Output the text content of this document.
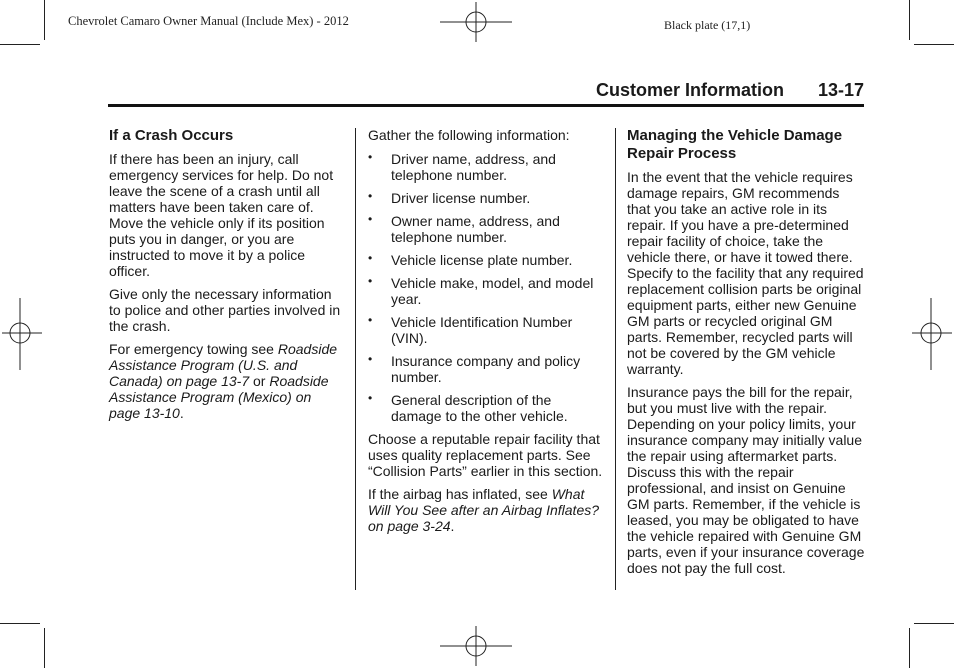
Chevrolet Camaro Owner Manual (Include Mex) - 2012	Black plate (17,1)
Customer Information 13-17
If a Crash Occurs

If there has been an injury, call emergency services for help. Do not leave the scene of a crash until all matters have been taken care of. Move the vehicle only if its position puts you in danger, or you are instructed to move it by a police officer.

Give only the necessary information to police and other parties involved in the crash.

For emergency towing see Roadside Assistance Program (U.S. and Canada) on page 13-7 or Roadside Assistance Program (Mexico) on page 13-10.

Gather the following information:

• Driver name, address, and telephone number.
• Driver license number.
• Owner name, address, and telephone number.
• Vehicle license plate number.
• Vehicle make, model, and model year.
• Vehicle Identification Number (VIN).
• Insurance company and policy number.
• General description of the damage to the other vehicle.

Choose a reputable repair facility that uses quality replacement parts. See “Collision Parts” earlier in this section.

If the airbag has inflated, see What Will You See after an Airbag Inflates? on page 3-24.

Managing the Vehicle Damage Repair Process

In the event that the vehicle requires damage repairs, GM recommends that you take an active role in its repair. If you have a pre-determined repair facility of choice, take the vehicle there, or have it towed there. Specify to the facility that any required replacement collision parts be original equipment parts, either new Genuine GM parts or recycled original GM parts. Remember, recycled parts will not be covered by the GM vehicle warranty.

Insurance pays the bill for the repair, but you must live with the repair. Depending on your policy limits, your insurance company may initially value the repair using aftermarket parts. Discuss this with the repair professional, and insist on Genuine GM parts. Remember, if the vehicle is leased, you may be obligated to have the vehicle repaired with Genuine GM parts, even if your insurance coverage does not pay the full cost.
